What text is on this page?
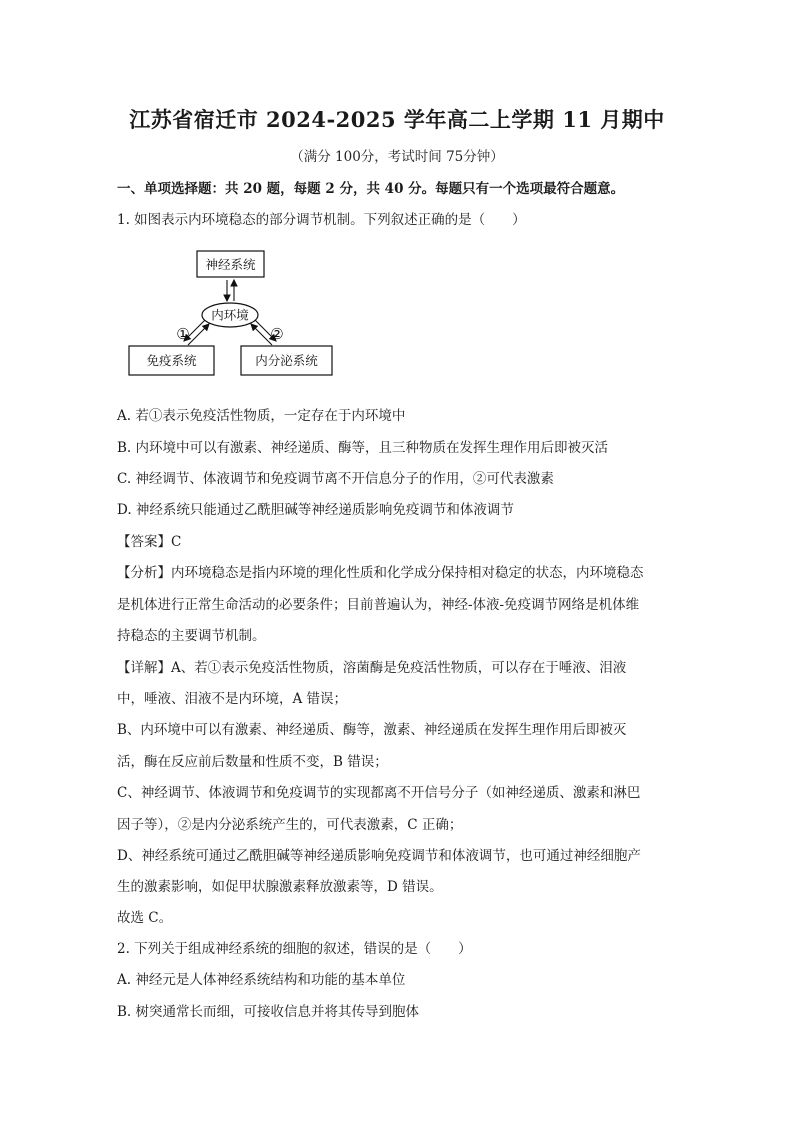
江苏省宿迁市 2024-2025 学年高二上学期 11 月期中
（满分 100分，考试时间 75分钟）
一、单项选择题：共 20 题，每题 2 分，共 40 分。每题只有一个选项最符合题意。
1. 如图表示内环境稳态的部分调节机制。下列叙述正确的是（　　）
神经系统
内环境
①	②
免疫系统	内分泌系统
A. 若①表示免疫活性物质，一定存在于内环境中
B. 内环境中可以有激素、神经递质、酶等，且三种物质在发挥生理作用后即被灭活
C. 神经调节、体液调节和免疫调节离不开信息分子的作用，②可代表激素
D. 神经系统只能通过乙酰胆碱等神经递质影响免疫调节和体液调节
【答案】C
【分析】内环境稳态是指内环境的理化性质和化学成分保持相对稳定的状态，内环境稳态
是机体进行正常生命活动的必要条件；目前普遍认为，神经-体液-免疫调节网络是机体维
持稳态的主要调节机制。
【详解】A、若①表示免疫活性物质，溶菌酶是免疫活性物质，可以存在于唾液、泪液
中，唾液、泪液不是内环境，A 错误；
B、内环境中可以有激素、神经递质、酶等，激素、神经递质在发挥生理作用后即被灭
活，酶在反应前后数量和性质不变，B 错误；
C、神经调节、体液调节和免疫调节的实现都离不开信号分子（如神经递质、激素和淋巴
因子等），②是内分泌系统产生的，可代表激素，C 正确；
D、神经系统可通过乙酰胆碱等神经递质影响免疫调节和体液调节，也可通过神经细胞产
生的激素影响，如促甲状腺激素释放激素等，D 错误。
故选 C。
2. 下列关于组成神经系统的细胞的叙述，错误的是（　　）
A. 神经元是人体神经系统结构和功能的基本单位
B. 树突通常长而细，可接收信息并将其传导到胞体
